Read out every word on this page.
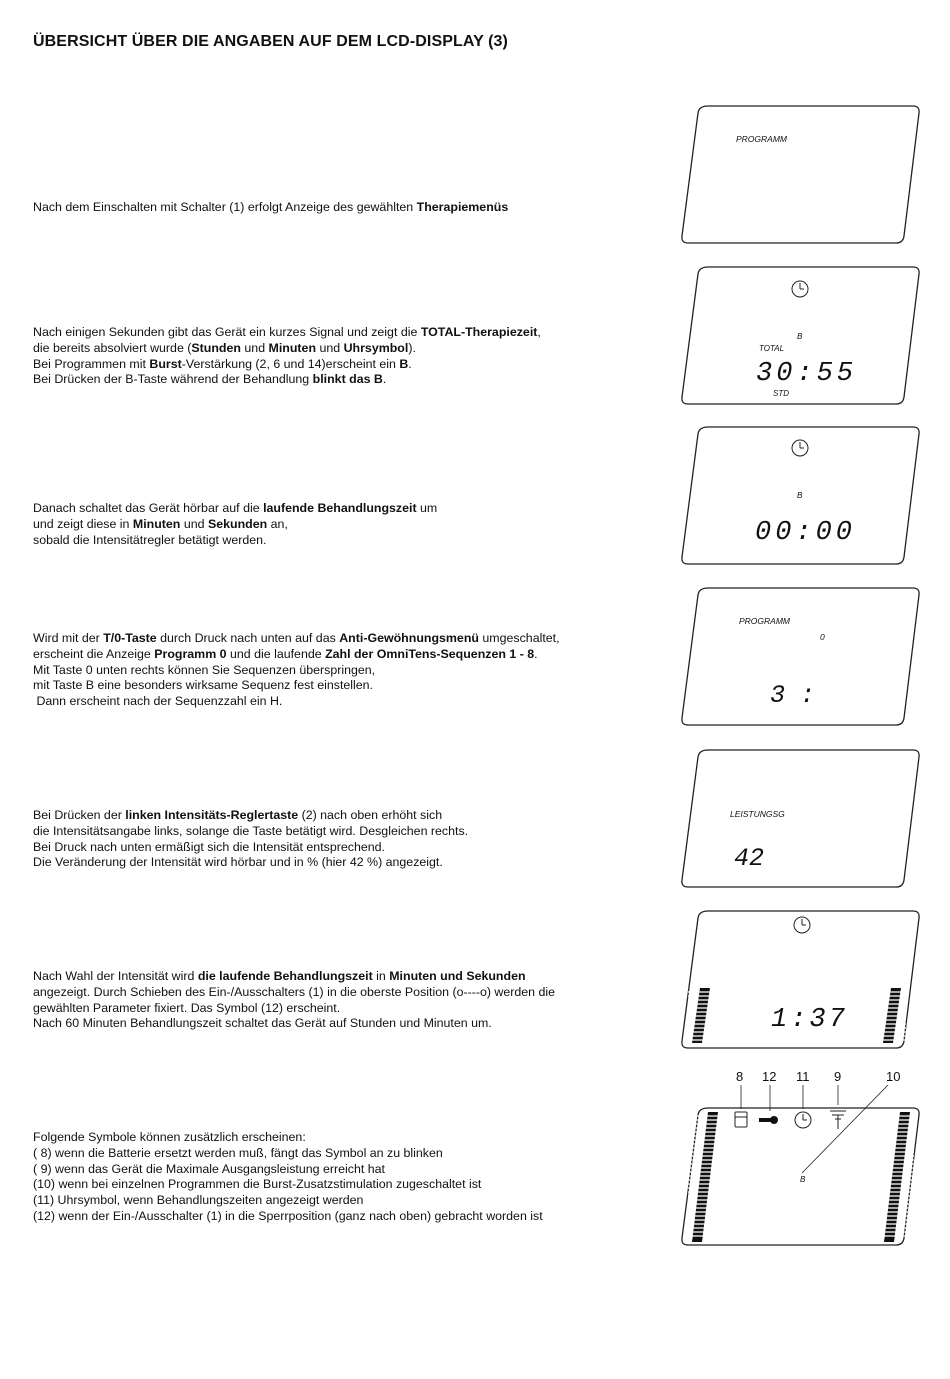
ÜBERSICHT ÜBER DIE ANGABEN AUF DEM LCD-DISPLAY (3)
Nach dem Einschalten mit Schalter (1) erfolgt Anzeige des gewählten Therapiemenüs
Nach einigen Sekunden gibt das Gerät ein kurzes Signal und zeigt die TOTAL-Therapiezeit,
die bereits absolviert wurde (Stunden und Minuten und Uhrsymbol).
Bei Programmen mit Burst-Verstärkung (2, 6 und 14)erscheint ein B.
Bei Drücken der B-Taste während der Behandlung blinkt das B.
Danach schaltet das Gerät hörbar auf die laufende Behandlungszeit um
und zeigt diese in Minuten und Sekunden an,
sobald die Intensitätregler betätigt werden.
Wird mit der T/0-Taste durch Druck nach unten auf das Anti-Gewöhnungsmenü umgeschaltet,
erscheint die Anzeige Programm 0 und die laufende Zahl der OmniTens-Sequenzen 1 - 8.
Mit Taste 0 unten rechts können Sie Sequenzen überspringen,
mit Taste B eine besonders wirksame Sequenz fest einstellen.
Dann erscheint nach der Sequenzzahl ein H.
Bei Drücken der linken Intensitäts-Reglertaste (2) nach oben erhöht sich
die Intensitätsangabe links, solange die Taste betätigt wird. Desgleichen rechts.
Bei Druck nach unten ermäßigt sich die Intensität entsprechend.
Die Veränderung der Intensität wird hörbar und in % (hier 42 %) angezeigt.
Nach Wahl der Intensität wird die laufende Behandlungszeit in Minuten und Sekunden
angezeigt. Durch Schieben des Ein-/Ausschalters (1) in die oberste Position (o----o) werden die
gewählten Parameter fixiert. Das Symbol (12) erscheint.
Nach 60 Minuten Behandlungszeit schaltet das Gerät auf Stunden und Minuten um.
Folgende Symbole können zusätzlich erscheinen:
( 8) wenn die Batterie ersetzt werden muß, fängt das Symbol an zu blinken
( 9) wenn das Gerät die Maximale Ausgangsleistung erreicht hat
(10) wenn bei einzelnen Programmen die Burst-Zusatzstimulation zugeschaltet ist
(11) Uhrsymbol, wenn Behandlungszeiten angezeigt werden
(12) wenn der Ein-/Ausschalter (1) in die Sperrposition (ganz nach oben) gebracht worden ist
PROGRAMM
B
TOTAL
30:55
STD
B
00:00
PROGRAMM
0
3 :
LEISTUNGSG
42
1:37
8 12 11 9	10
B
